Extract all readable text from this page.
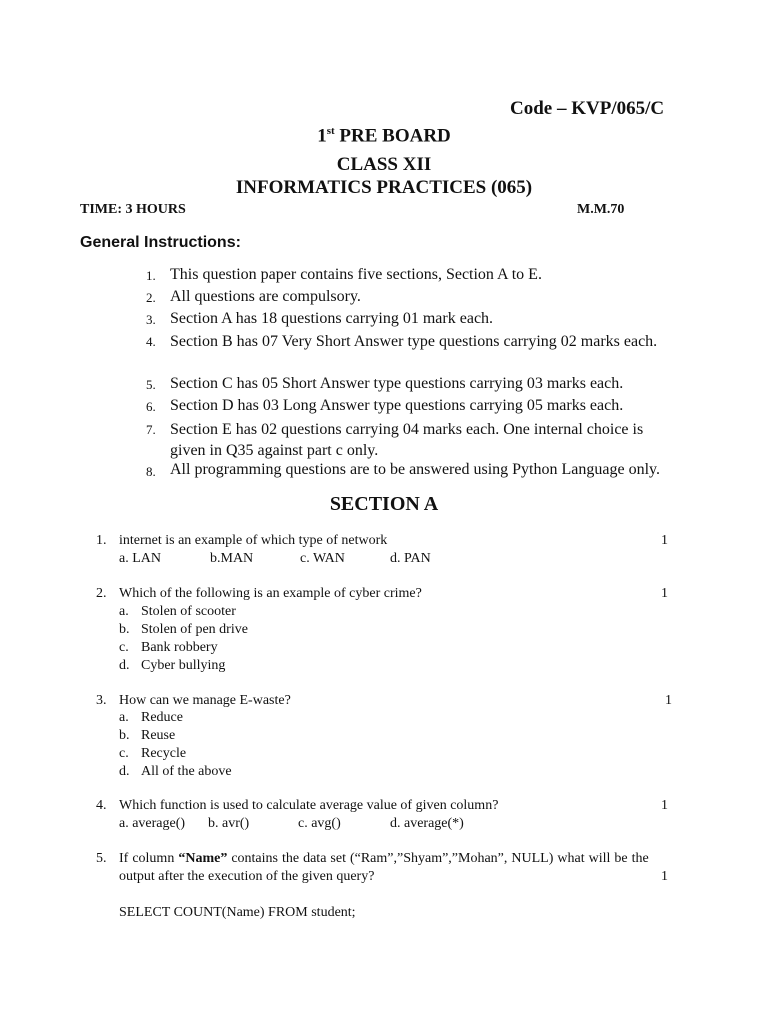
Code – KVP/065/C
1st PRE BOARD
CLASS XII
INFORMATICS PRACTICES (065)
TIME: 3 HOURS	M.M.70
General Instructions:
1. This question paper contains five sections, Section A to E.
2. All questions are compulsory.
3. Section A has 18 questions carrying 01 mark each.
4. Section B has 07 Very Short Answer type questions carrying 02 marks each.
5. Section C has 05 Short Answer type questions carrying 03 marks each.
6. Section D has 03 Long Answer type questions carrying 05 marks each.
7. Section E has 02 questions carrying 04 marks each. One internal choice is given in Q35 against part c only.
8. All programming questions are to be answered using Python Language only.
SECTION A
1. internet is an example of which type of network	1
a. LAN	b.MAN	c. WAN	d. PAN
2. Which of the following is an example of cyber crime?	1
a. Stolen of scooter
b. Stolen of pen drive
c. Bank robbery
d. Cyber bullying
3. How can we manage E-waste?	1
a. Reduce
b. Reuse
c. Recycle
d. All of the above
4. Which function is used to calculate average value of given column?	1
a. average() b. avr()	c. avg()	d. average(*)
5. If column “Name” contains the data set (“Ram”,”Shyam”,”Mohan”, NULL) what will be the
output after the execution of the given query?	1
SELECT COUNT(Name) FROM student;
